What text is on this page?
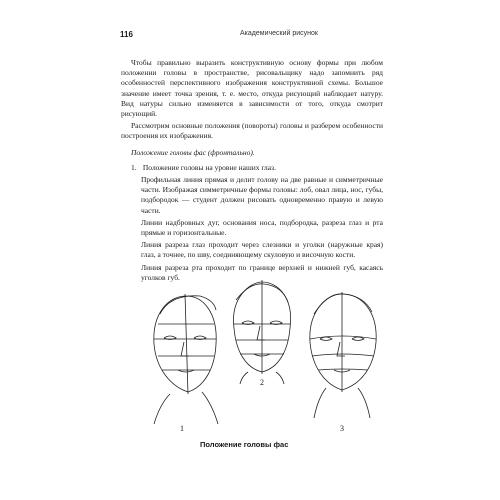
116	Академический рисунок

Чтобы правильно выразить конструктивную основу формы при любом положении головы в пространстве, рисовальщику надо запомнить ряд особенностей перспективного изображения конструктивной схемы. Большое значение имеет точка зрения, т. е. место, откуда рисующий наблюдает натуру. Вид натуры сильно изменяется в зависимости от того, откуда смотрит рисующий.

Рассмотрим основные положения (повороты) головы и разберем особенности построения их изображения.

Положение головы фас (фронтально).

1. Положение головы на уровне наших глаз.

Профильная линия прямая и делит голову на две равные и симметричные части. Изображая симметричные формы головы: лоб, овал лица, нос, губы, подбородок — студент должен рисовать одновременно правую и левую части.

Линии надбровных дуг, основания носа, подбородка, разреза глаз и рта прямые и горизонтальные.

Линия разреза глаз проходит через слезники и уголки (наружные края) глаз, а точнее, по шву, соединяющему скуловую и височную кости.

Линия разреза рта проходит по границе верхней и нижней губ, касаясь уголков губ.

1
2
3
Положение головы фас
